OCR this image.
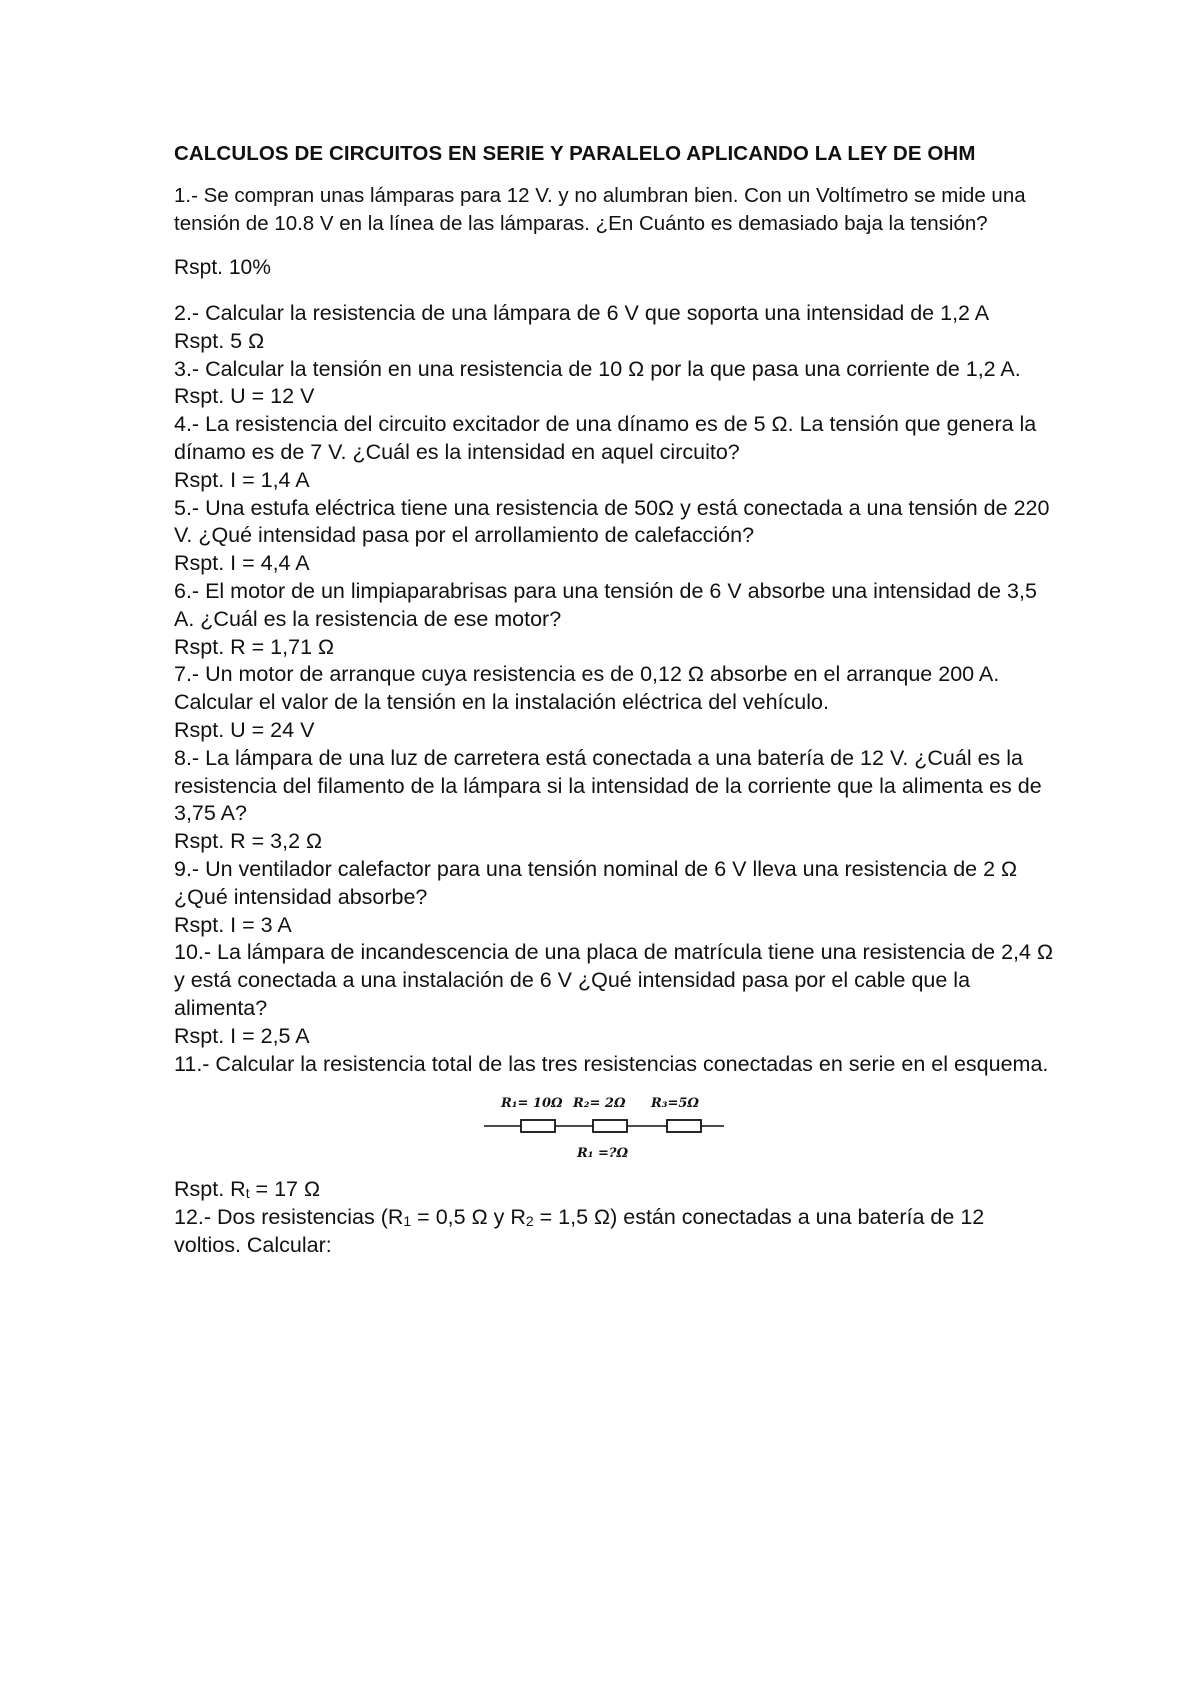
CALCULOS DE CIRCUITOS EN SERIE Y PARALELO APLICANDO LA LEY DE OHM
1.- Se compran unas lámparas para 12 V. y no alumbran bien. Con un Voltímetro se mide una tensión de 10.8 V en la línea de las lámparas. ¿En Cuánto es demasiado baja la tensión?
Rspt. 10%
2.- Calcular la resistencia de una lámpara de 6 V que soporta una intensidad de 1,2 A
Rspt. 5 Ω
3.- Calcular la tensión en una resistencia de 10 Ω por la que pasa una corriente de 1,2 A.
Rspt. U = 12 V
4.- La resistencia del circuito excitador de una dínamo es de 5 Ω. La tensión que genera la dínamo es de 7 V. ¿Cuál es la intensidad en aquel circuito?
Rspt. I = 1,4 A
5.- Una estufa eléctrica tiene una resistencia de 50Ω y está conectada a una tensión de 220 V. ¿Qué intensidad pasa por el arrollamiento de calefacción?
Rspt. I = 4,4 A
6.- El motor de un limpiaparabrisas para una tensión de 6 V absorbe una intensidad de 3,5 A. ¿Cuál es la resistencia de ese motor?
Rspt. R = 1,71 Ω
7.- Un motor de arranque cuya resistencia es de 0,12 Ω absorbe en el arranque 200 A. Calcular el valor de la tensión en la instalación eléctrica del vehículo.
Rspt. U = 24 V
8.- La lámpara de una luz de carretera está conectada a una batería de 12 V. ¿Cuál es la resistencia del filamento de la lámpara si la intensidad de la corriente que la alimenta es de 3,75 A?
Rspt. R = 3,2 Ω
9.- Un ventilador calefactor para una tensión nominal de 6 V lleva una resistencia de 2 Ω ¿Qué intensidad absorbe?
Rspt. I = 3 A
10.- La lámpara de incandescencia de una placa de matrícula tiene una resistencia de 2,4 Ω y está conectada a una instalación de 6 V ¿Qué intensidad pasa por el cable que la alimenta?
Rspt. I = 2,5 A
11.- Calcular la resistencia total de las tres resistencias conectadas en serie en el esquema.
R₁= 10Ω R₂= 2Ω R₃=5Ω
R₁ =?Ω
Rspt. $R_t = 17$ Ω
12.- Dos resistencias ($R_1 = 0,5$ Ω y $R_2 = 1,5$ Ω) están conectadas a una batería de 12 voltios. Calcular:
